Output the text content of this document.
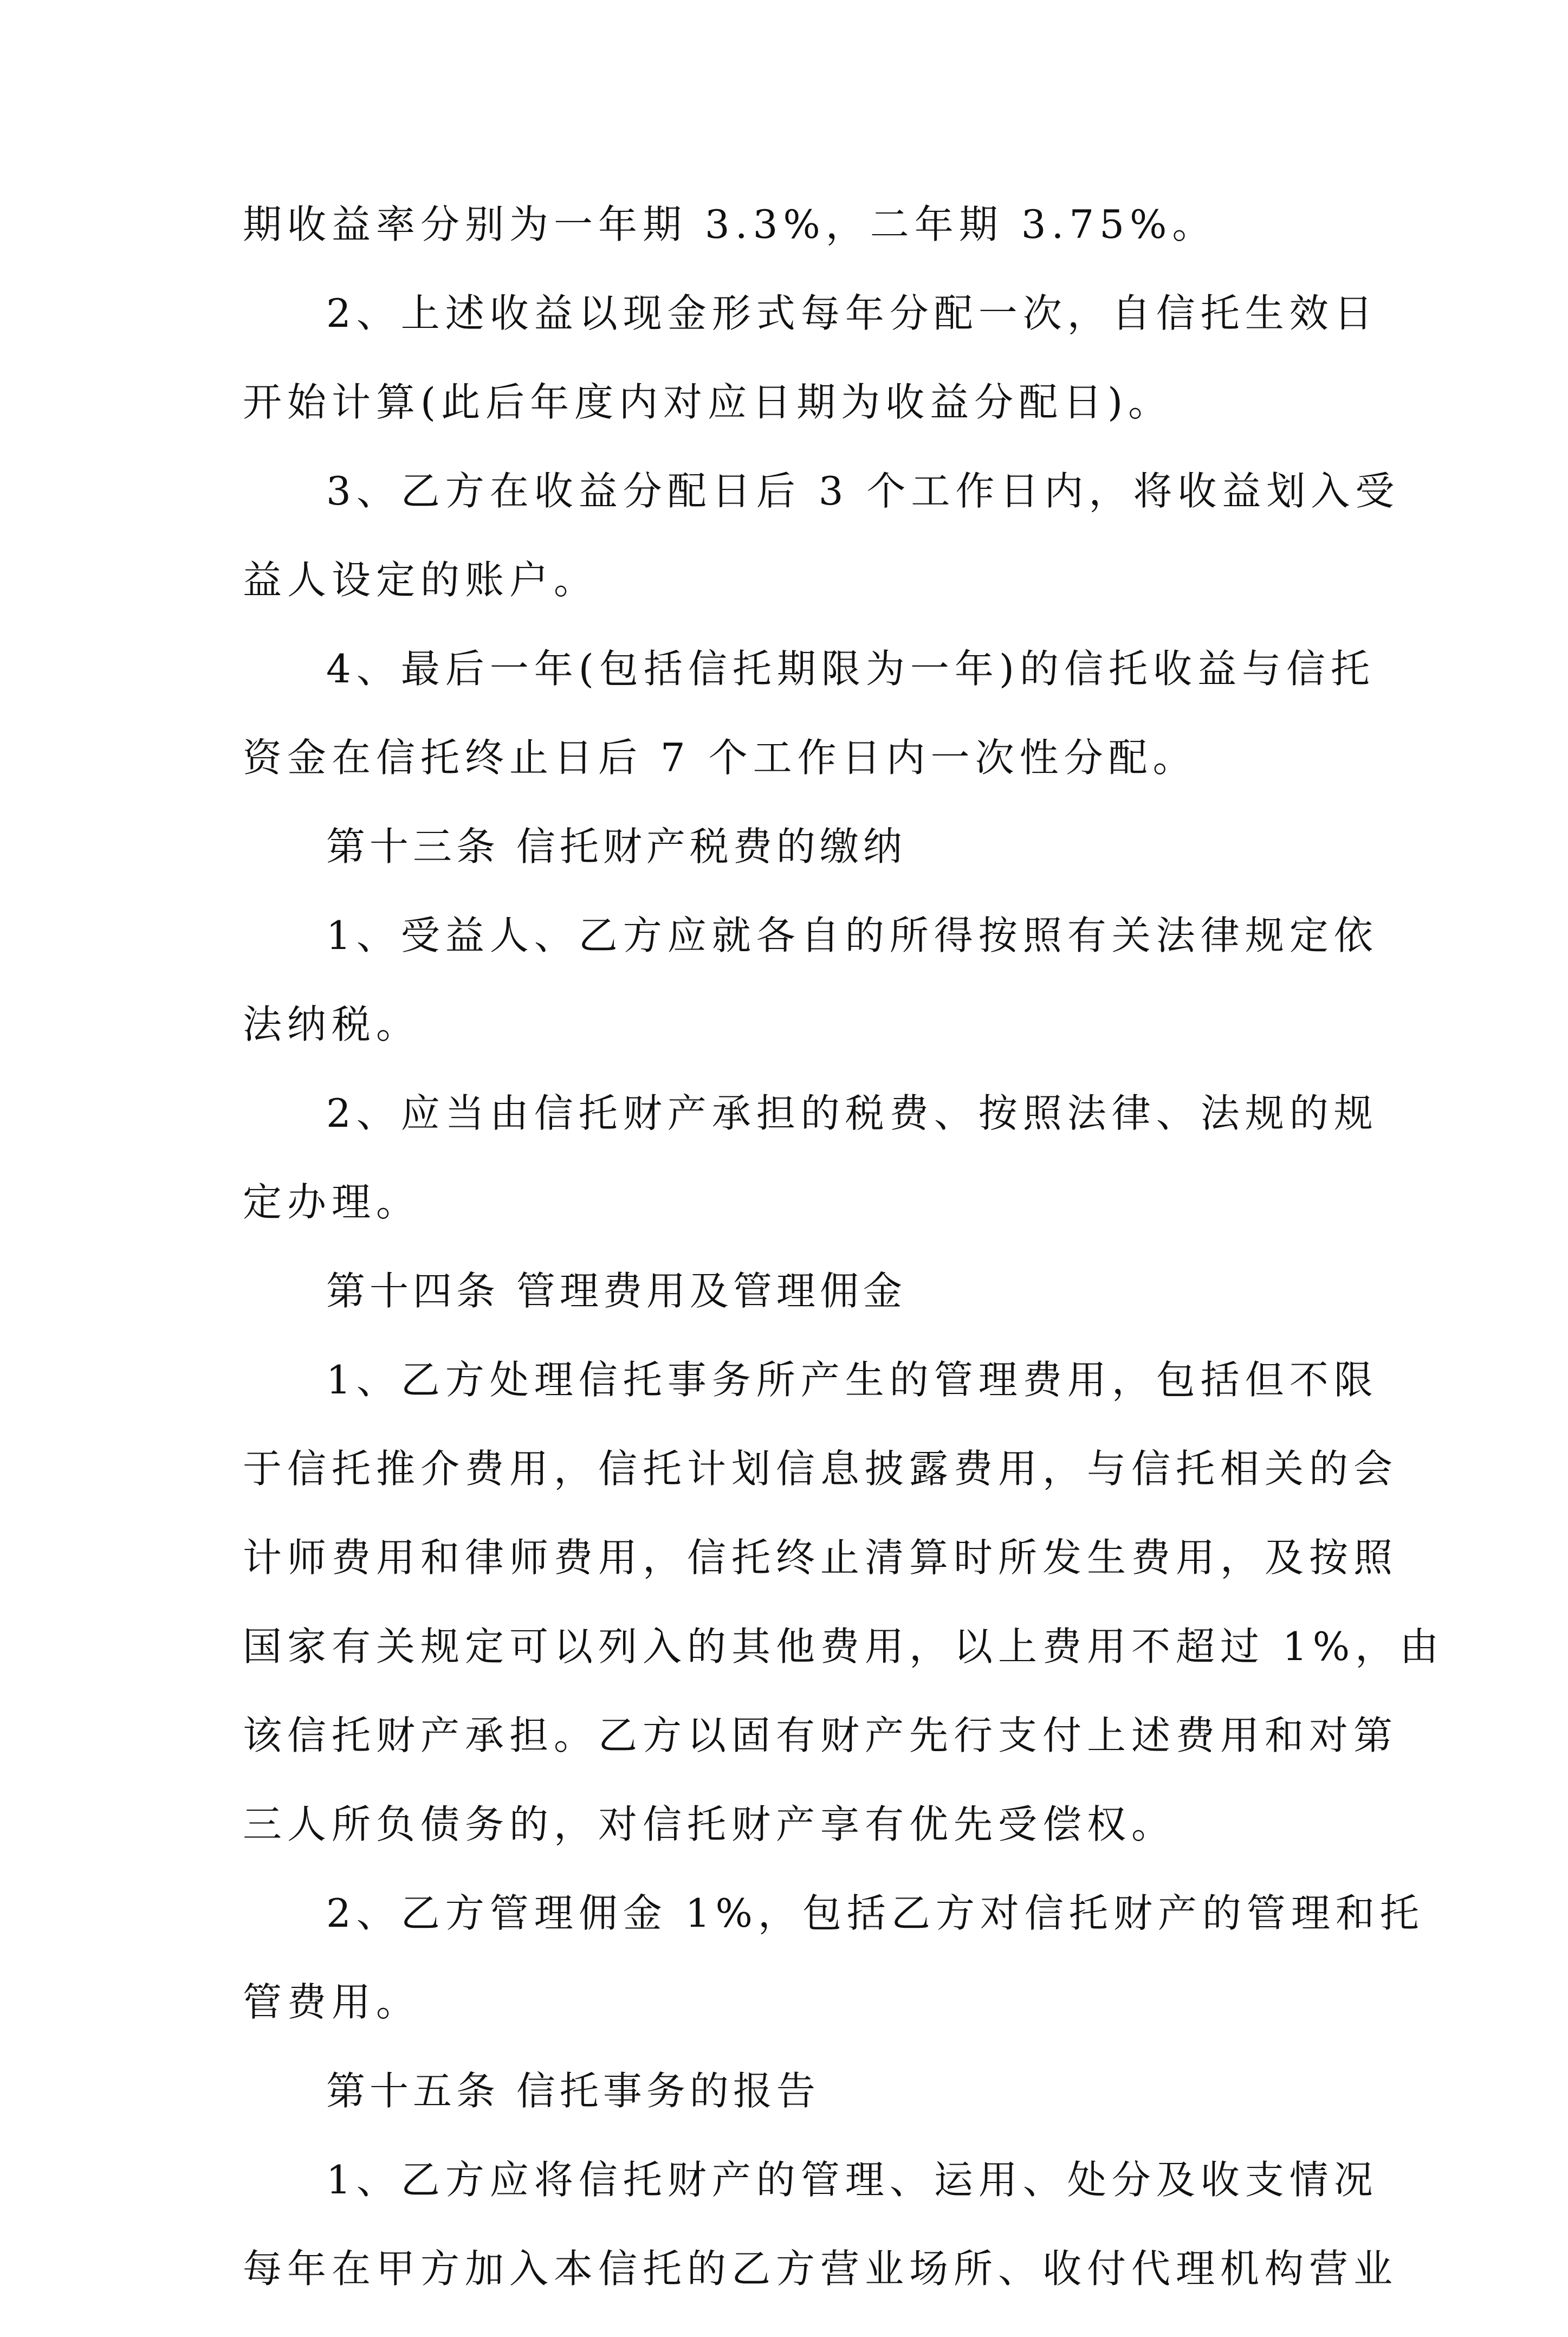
期收益率分别为一年期 3.3%，二年期 3.75%。
2、上述收益以现金形式每年分配一次，自信托生效日
开始计算(此后年度内对应日期为收益分配日)。
3、乙方在收益分配日后 3 个工作日内，将收益划入受
益人设定的账户。
4、最后一年(包括信托期限为一年)的信托收益与信托
资金在信托终止日后 7 个工作日内一次性分配。
第十三条 信托财产税费的缴纳
1、受益人、乙方应就各自的所得按照有关法律规定依
法纳税。
2、应当由信托财产承担的税费、按照法律、法规的规
定办理。
第十四条 管理费用及管理佣金
1、乙方处理信托事务所产生的管理费用，包括但不限
于信托推介费用，信托计划信息披露费用，与信托相关的会
计师费用和律师费用，信托终止清算时所发生费用，及按照
国家有关规定可以列入的其他费用，以上费用不超过 1%，由
该信托财产承担。乙方以固有财产先行支付上述费用和对第
三人所负债务的，对信托财产享有优先受偿权。
2、乙方管理佣金 1%，包括乙方对信托财产的管理和托
管费用。
第十五条 信托事务的报告
1、乙方应将信托财产的管理、运用、处分及收支情况
每年在甲方加入本信托的乙方营业场所、收付代理机构营业
